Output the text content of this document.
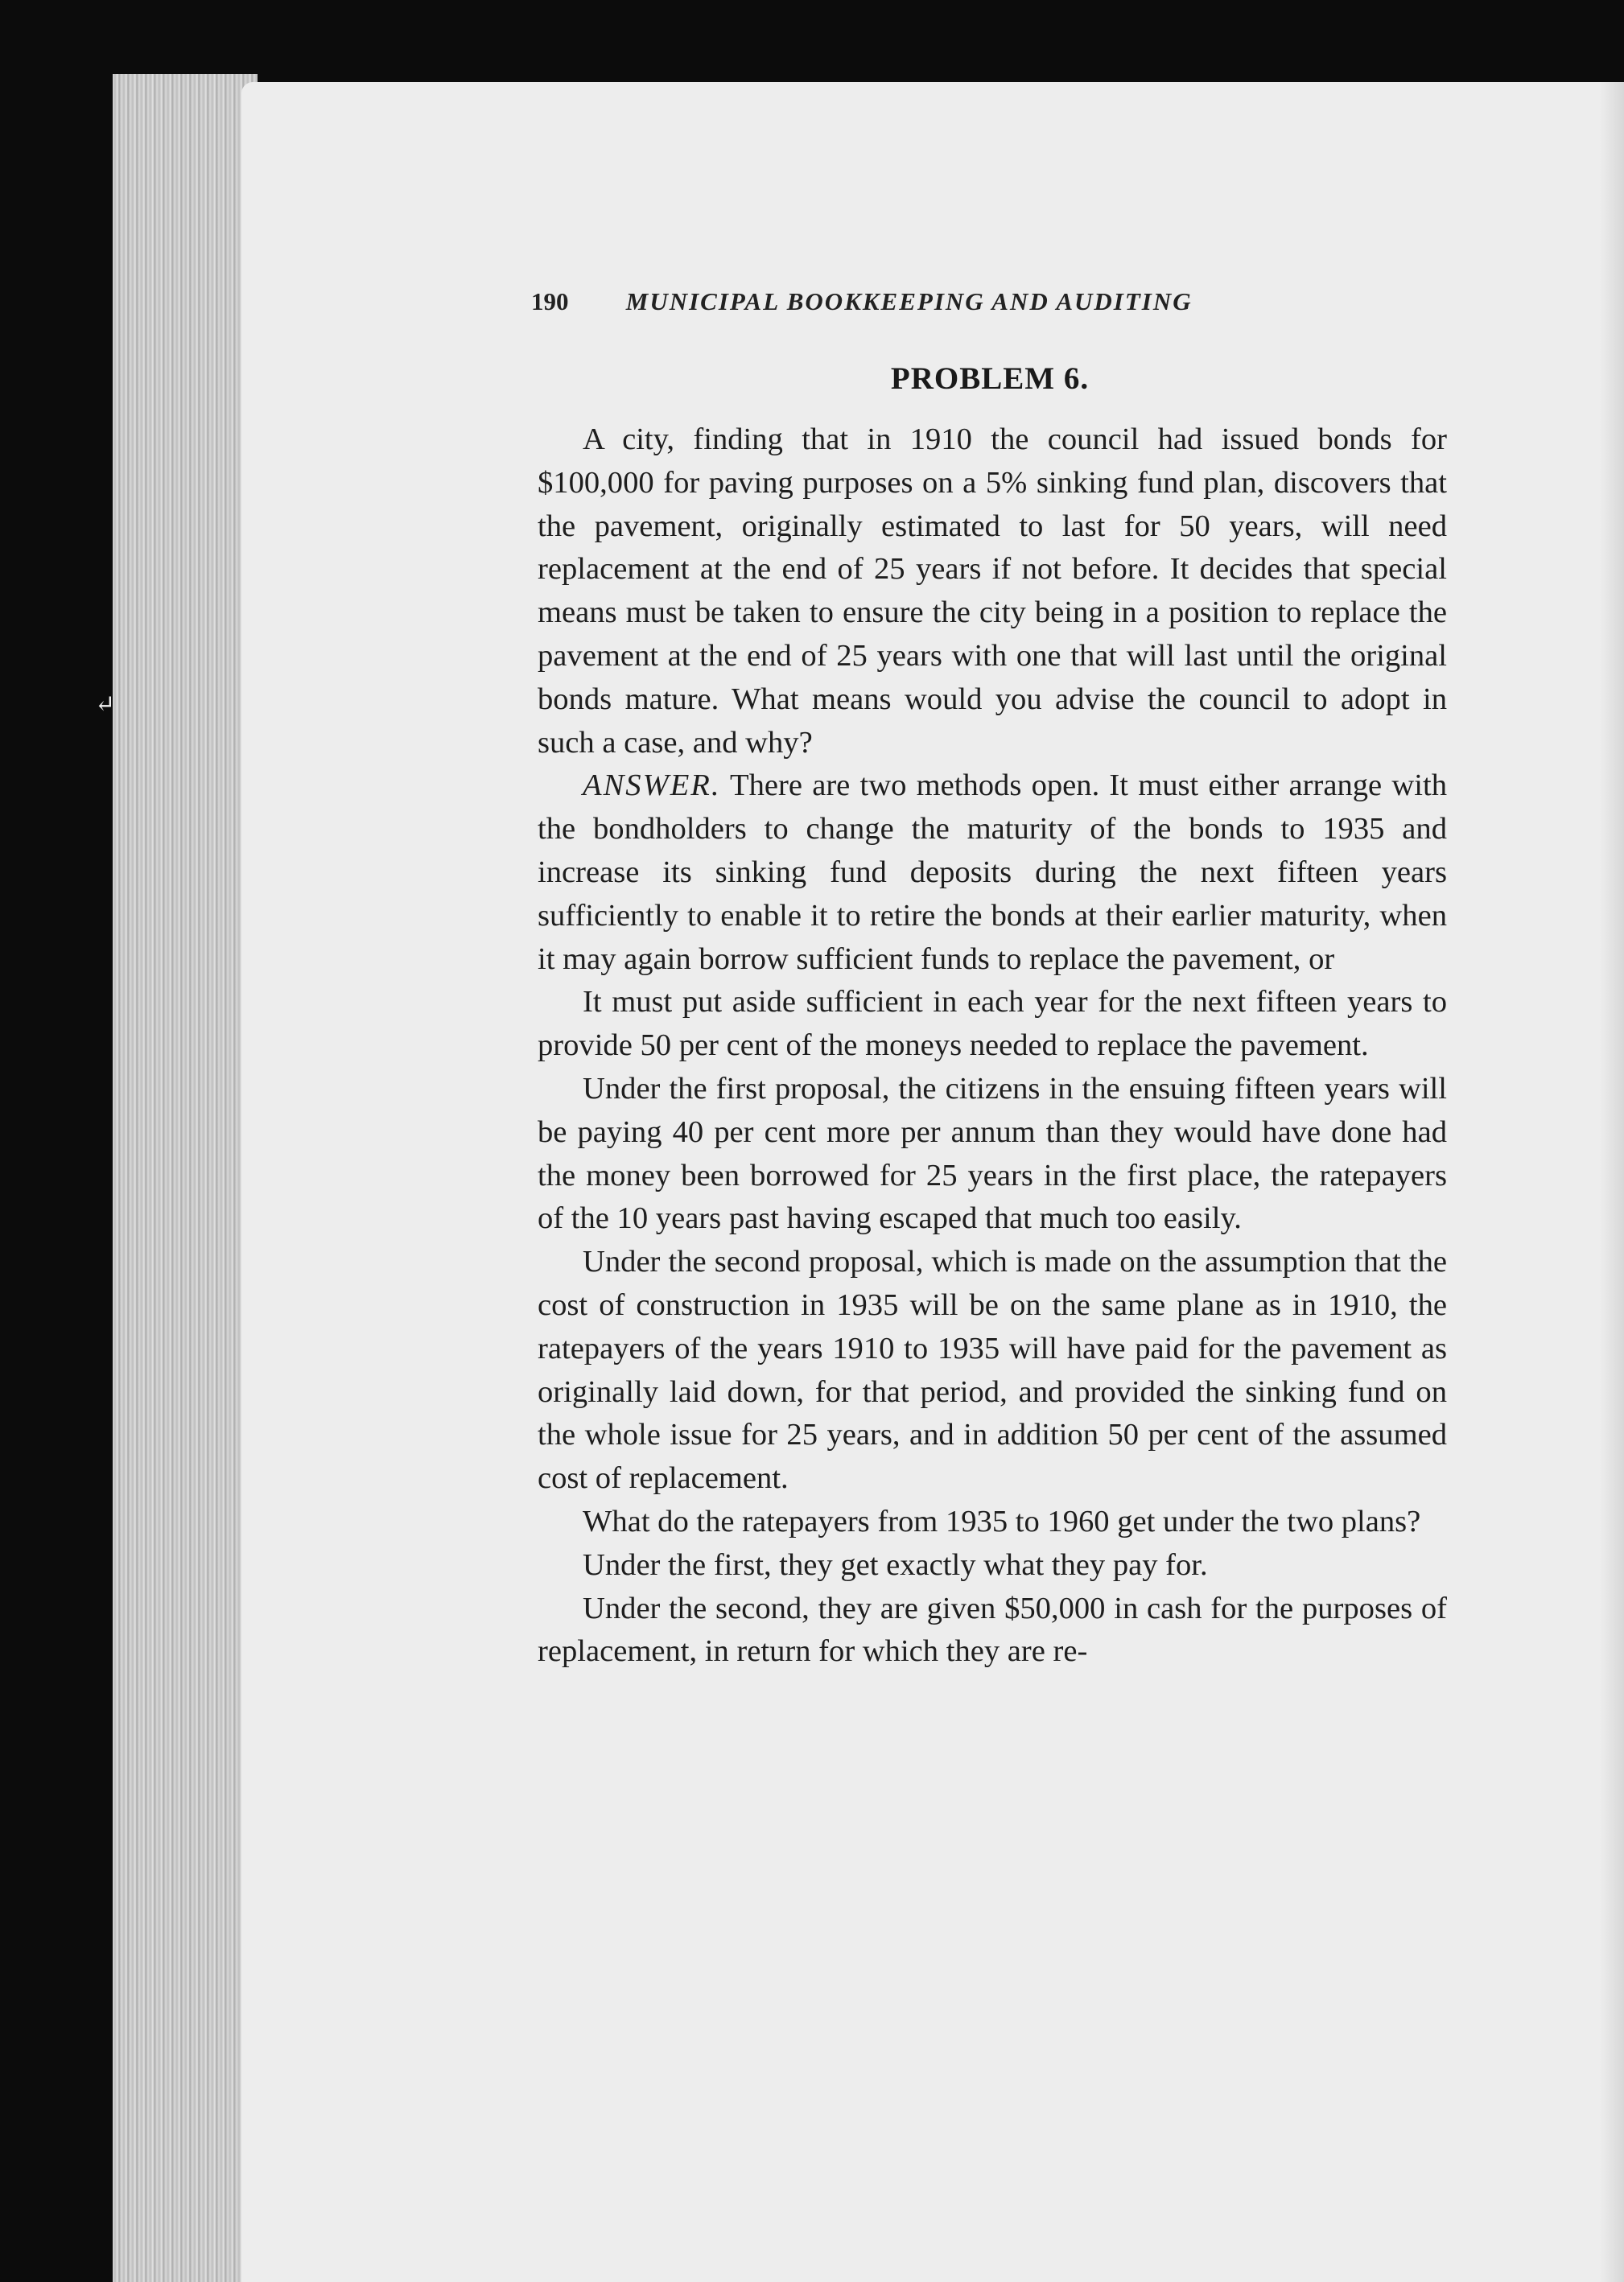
↵
190 MUNICIPAL BOOKKEEPING AND AUDITING
PROBLEM 6.

A city, finding that in 1910 the council had issued bonds for $100,000 for paving purposes on a 5% sinking fund plan, discovers that the pavement, originally estimated to last for 50 years, will need replacement at the end of 25 years if not before. It decides that special means must be taken to ensure the city being in a position to replace the pavement at the end of 25 years with one that will last until the original bonds mature. What means would you advise the council to adopt in such a case, and why?

ANSWER. There are two methods open. It must either arrange with the bondholders to change the maturity of the bonds to 1935 and increase its sinking fund deposits during the next fifteen years sufficiently to enable it to retire the bonds at their earlier maturity, when it may again borrow sufficient funds to replace the pavement, or

It must put aside sufficient in each year for the next fifteen years to provide 50 per cent of the moneys needed to replace the pavement.

Under the first proposal, the citizens in the ensuing fifteen years will be paying 40 per cent more per annum than they would have done had the money been borrowed for 25 years in the first place, the ratepayers of the 10 years past having escaped that much too easily.

Under the second proposal, which is made on the assumption that the cost of construction in 1935 will be on the same plane as in 1910, the ratepayers of the years 1910 to 1935 will have paid for the pavement as originally laid down, for that period, and provided the sinking fund on the whole issue for 25 years, and in addition 50 per cent of the assumed cost of replacement.

What do the ratepayers from 1935 to 1960 get under the two plans?

Under the first, they get exactly what they pay for.

Under the second, they are given $50,000 in cash for the purposes of replacement, in return for which they are re-
